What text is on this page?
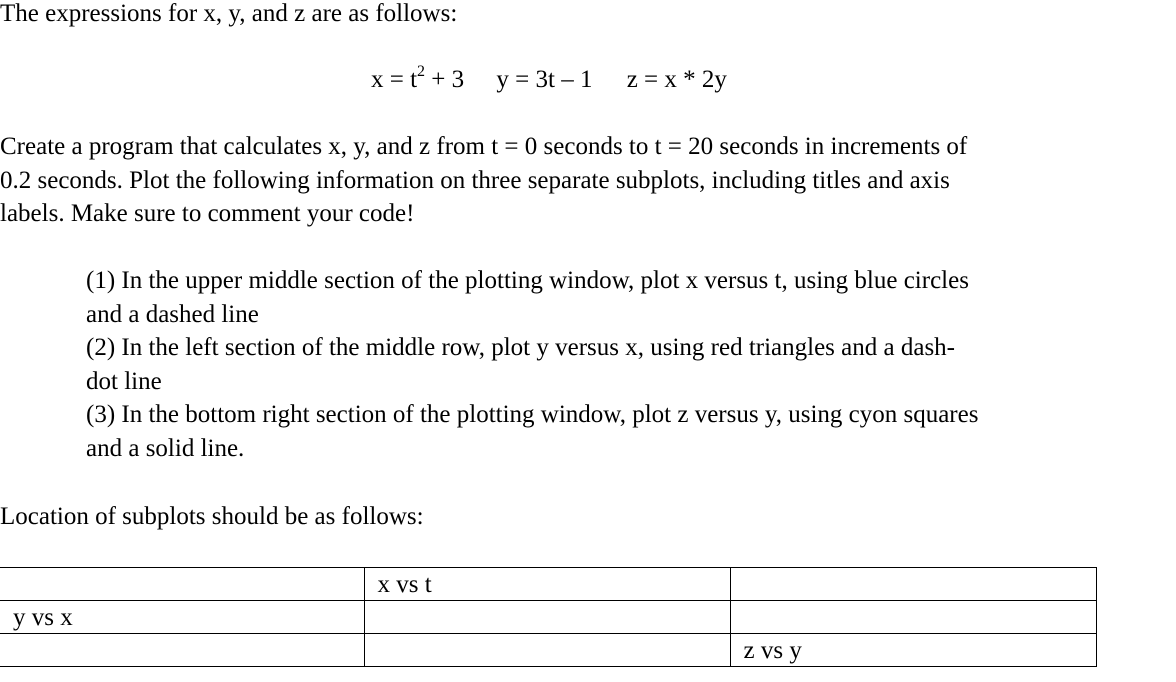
The expressions for x, y, and z are as follows:

$x = t^2 + 3$ y = 3t – 1 z = x * 2y
Create a program that calculates x, y, and z from t = 0 seconds to t = 20 seconds in increments of
0.2 seconds. Plot the following information on three separate subplots, including titles and axis
labels. Make sure to comment your code!
(1) In the upper middle section of the plotting window, plot x versus t, using blue circles
and a dashed line
(2) In the left section of the middle row, plot y versus x, using red triangles and a dash-
dot line
(3) In the bottom right section of the plotting window, plot z versus y, using cyon squares
and a solid line.

Location of subplots should be as follows:

	x vs t	
y vs x		
		z vs y
